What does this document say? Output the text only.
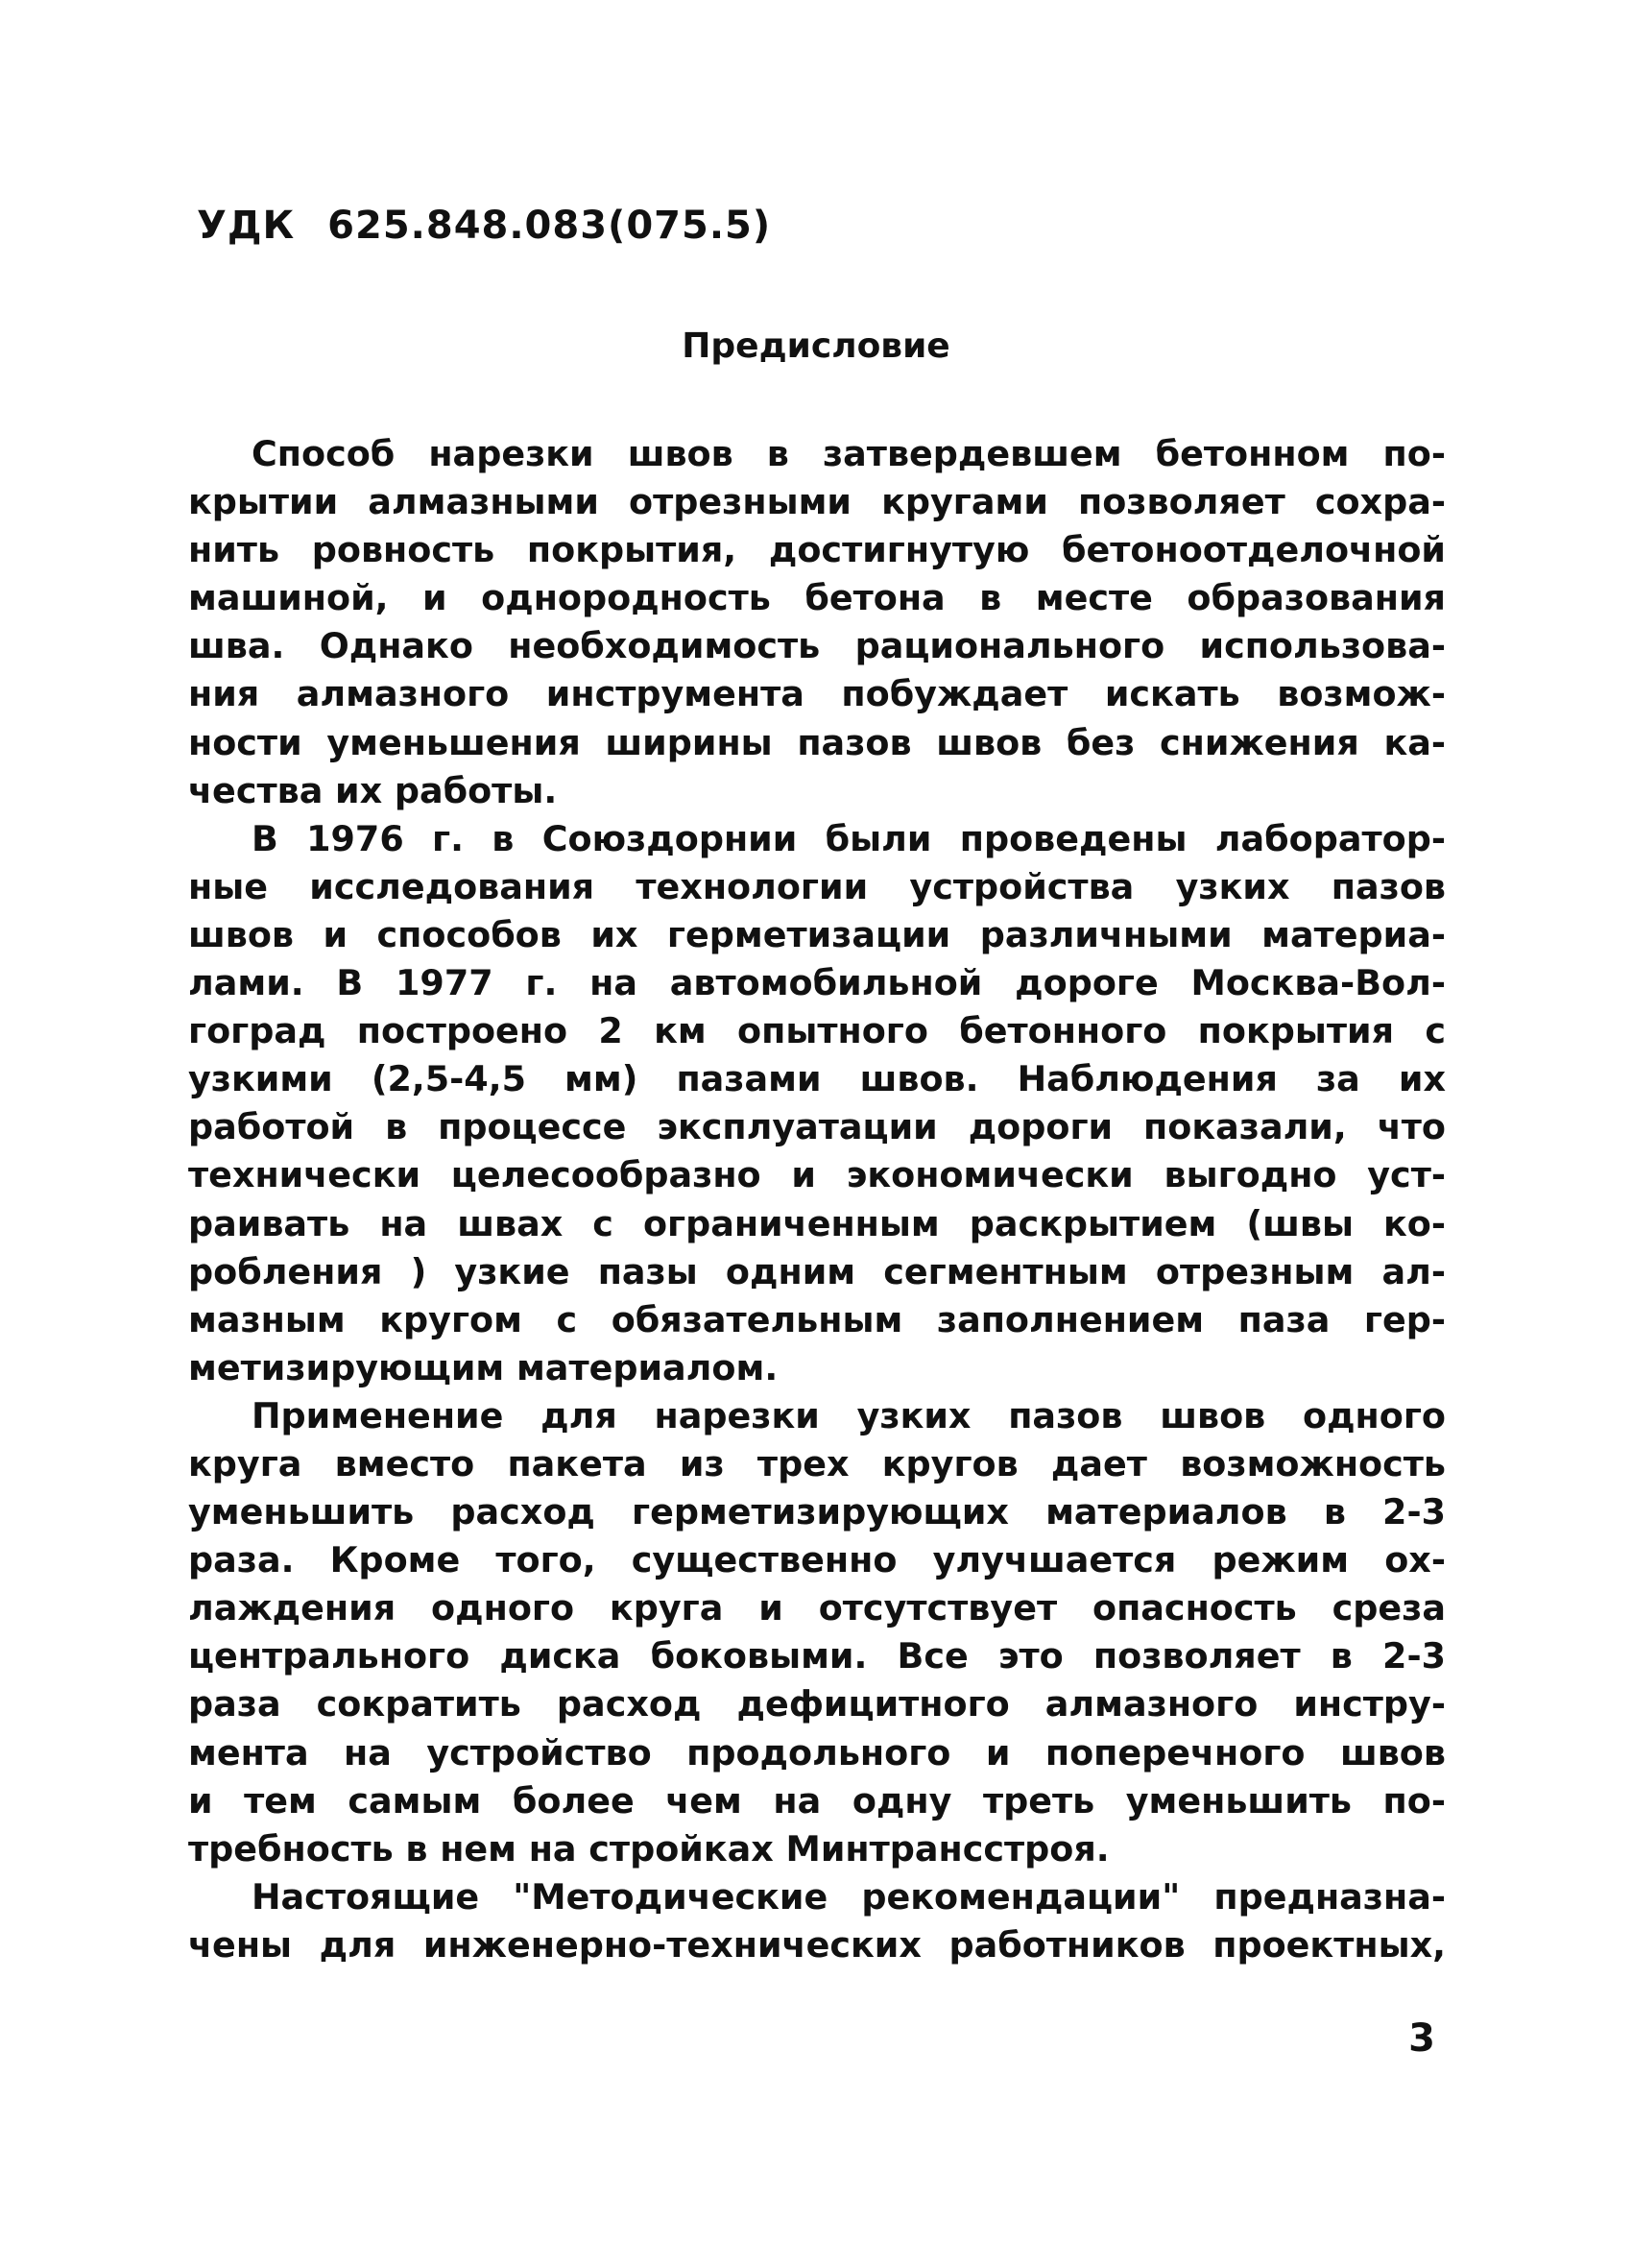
УДК 625.848.083(075.5)
Предисловие

Способ нарезки швов в затвердевшем бетонном по-
крытии алмазными отрезными кругами позволяет сохра-
нить ровность покрытия, достигнутую бетоноотделочной
машиной, и однородность бетона в месте образования
шва. Однако необходимость рационального использова-
ния алмазного инструмента побуждает искать возмож-
ности уменьшения ширины пазов швов без снижения ка-
чества их работы.

В 1976 г. в Союздорнии были проведены лаборатор-
ные исследования технологии устройства узких пазов
швов и способов их герметизации различными материа-
лами. В 1977 г. на автомобильной дороге Москва-Вол-
гоград построено 2 км опытного бетонного покрытия с
узкими (2,5-4,5 мм) пазами швов. Наблюдения за их
работой в процессе эксплуатации дороги показали, что
технически целесообразно и экономически выгодно уст-
раивать на швах с ограниченным раскрытием (швы ко-
робления ) узкие пазы одним сегментным отрезным ал-
мазным кругом с обязательным заполнением паза гер-
метизирующим материалом.

Применение для нарезки узких пазов швов одного
круга вместо пакета из трех кругов дает возможность
уменьшить расход герметизирующих материалов в 2-3
раза. Кроме того, существенно улучшается режим ох-
лаждения одного круга и отсутствует опасность среза
центрального диска боковыми. Все это позволяет в 2-3
раза сократить расход дефицитного алмазного инстру-
мента на устройство продольного и поперечного швов
и тем самым более чем на одну треть уменьшить по-
требность в нем на стройках Минтрансстроя.

Настоящие "Методические рекомендации" предназна-
чены для инженерно-технических работников проектных,

3
